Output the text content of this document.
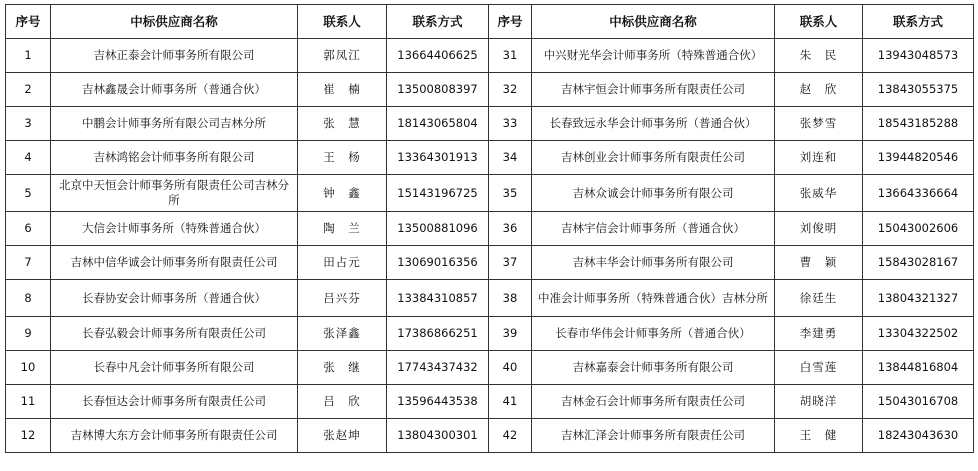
序号	中标供应商名称	联系人	联系方式	序号	中标供应商名称	联系人	联系方式
1	吉林正泰会计师事务所有限公司	郭凤江	13664406625	31	中兴财光华会计师事务所（特殊普通合伙）	朱　民	13943048573
2	吉林鑫晟会计师事务所（普通合伙）	崔　楠	13500808397	32	吉林宇恒会计师事务所有限责任公司	赵　欣	13843055375
3	中鹏会计师事务所有限公司吉林分所	张　慧	18143065804	33	长春致远永华会计师事务所（普通合伙）	张梦雪	18543185288
4	吉林鸿铭会计师事务所有限公司	王　杨	13364301913	34	吉林创业会计师事务所有限责任公司	刘连和	13944820546
5	北京中天恒会计师事务所有限责任公司吉林分所	钟　鑫	15143196725	35	吉林众诚会计师事务所有限公司	张威华	13664336664
6	大信会计师事务所（特殊普通合伙）	陶　兰	13500881096	36	吉林宇信会计师事务所（普通合伙）	刘俊明	15043002606
7	吉林中信华诚会计师事务所有限责任公司	田占元	13069016356	37	吉林丰华会计师事务所有限公司	曹　颖	15843028167
8	长春协安会计师事务所（普通合伙）	吕兴芬	13384310857	38	中准会计师事务所（特殊普通合伙）吉林分所	徐廷生	13804321327
9	长春弘毅会计师事务所有限责任公司	张泽鑫	17386866251	39	长春市华伟会计师事务所（普通合伙）	李建勇	13304322502
10	长春中凡会计师事务所有限公司	张　继	17743437432	40	吉林嘉泰会计师事务所有限公司	白雪莲	13844816804
11	长春恒达会计师事务所有限责任公司	吕　欣	13596443538	41	吉林金石会计师事务所有限责任公司	胡晓洋	15043016708
12	吉林博大东方会计师事务所有限责任公司	张赵坤	13804300301	42	吉林汇泽会计师事务所有限责任公司	王　健	18243043630
